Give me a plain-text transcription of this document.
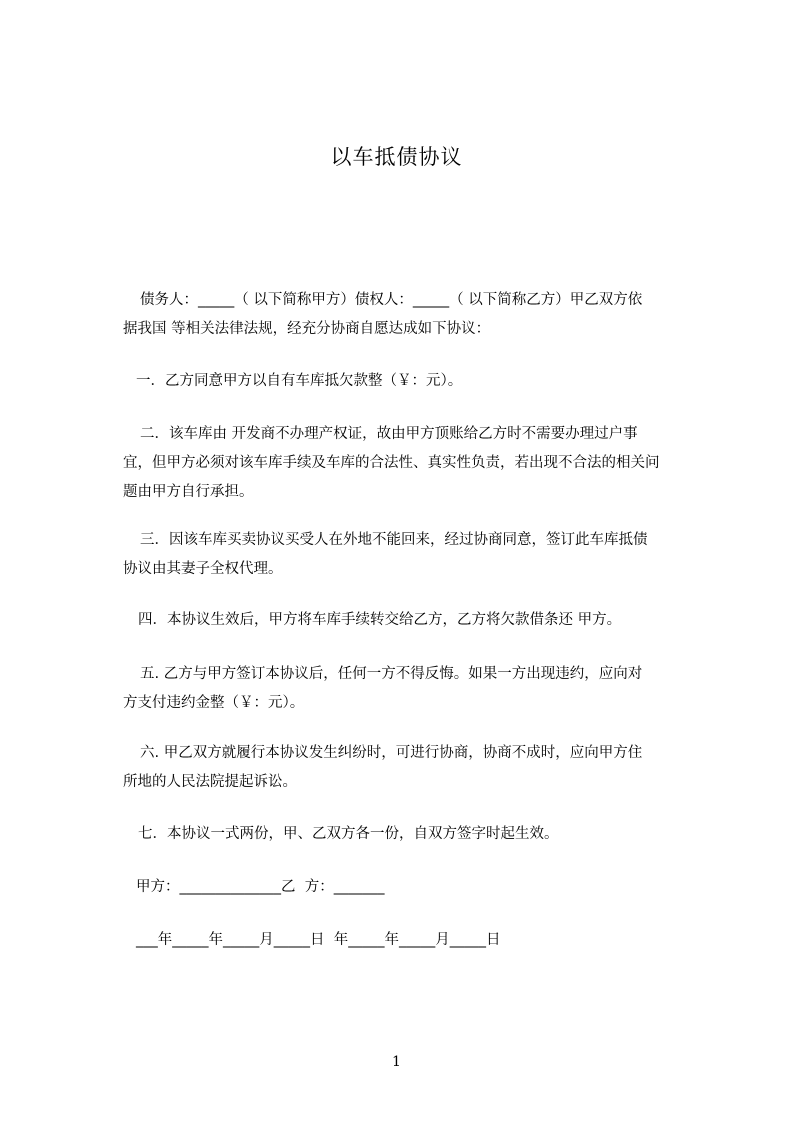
以车抵债协议
债务人：_____（ 以下简称甲方）债权人：_____（ 以下简称乙方）甲乙双方依
据我国 等相关法律法规，经充分协商自愿达成如下协议：
一．乙方同意甲方以自有车库抵欠款整（￥：元）。
二．该车库由 开发商不办理产权证，故由甲方顶账给乙方时不需要办理过户事
宜，但甲方必须对该车库手续及车库的合法性、真实性负责，若出现不合法的相关问
题由甲方自行承担。
三．因该车库买卖协议买受人在外地不能回来，经过协商同意，签订此车库抵债
协议由其妻子全权代理。
四．本协议生效后，甲方将车库手续转交给乙方，乙方将欠款借条还 甲方。
五. 乙方与甲方签订本协议后，任何一方不得反悔。如果一方出现违约，应向对
方支付违约金整（￥：元）。
六. 甲乙双方就履行本协议发生纠纷时，可进行协商，协商不成时，应向甲方住
所地的人民法院提起诉讼。
七．本协议一式两份，甲、乙双方各一份，自双方签字时起生效。

甲方：______________乙  方：_______

___年_____年_____月_____日  年_____年_____月_____日

1
